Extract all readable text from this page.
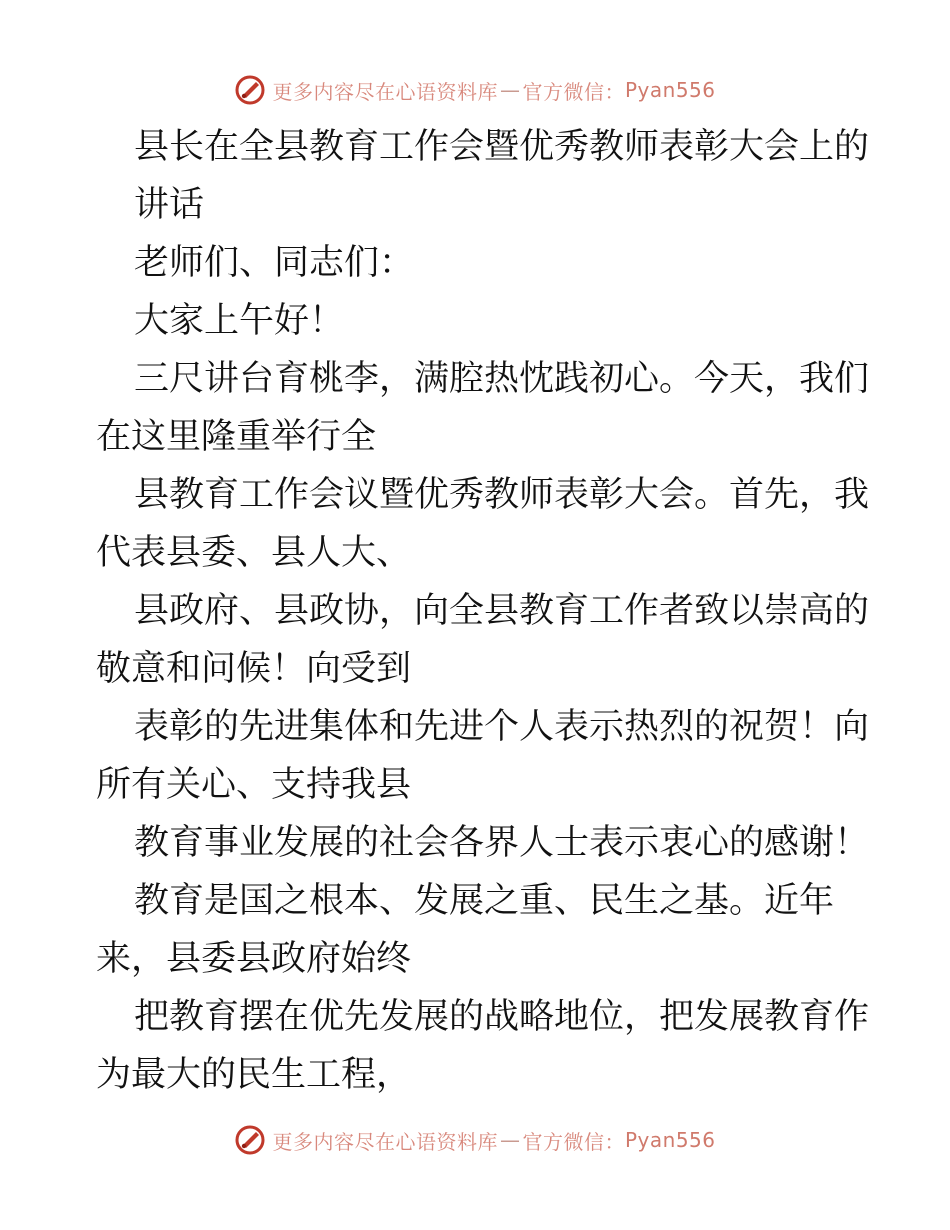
更多内容尽在心语资料库 — 官方微信： Pyan556
县长在全县教育工作会暨优秀教师表彰大会上的
讲话
老师们、同志们：
大家上午好！
三尺讲台育桃李，满腔热忱践初心。今天，我们
在这里隆重举行全
县教育工作会议暨优秀教师表彰大会。首先，我
代表县委、县人大、
县政府、县政协，向全县教育工作者致以崇高的
敬意和问候！向受到
表彰的先进集体和先进个人表示热烈的祝贺！向
所有关心、支持我县
教育事业发展的社会各界人士表示衷心的感谢！
教育是国之根本、发展之重、民生之基。近年
来，县委县政府始终
把教育摆在优先发展的战略地位，把发展教育作
为最大的民生工程，
更多内容尽在心语资料库 — 官方微信： Pyan556
